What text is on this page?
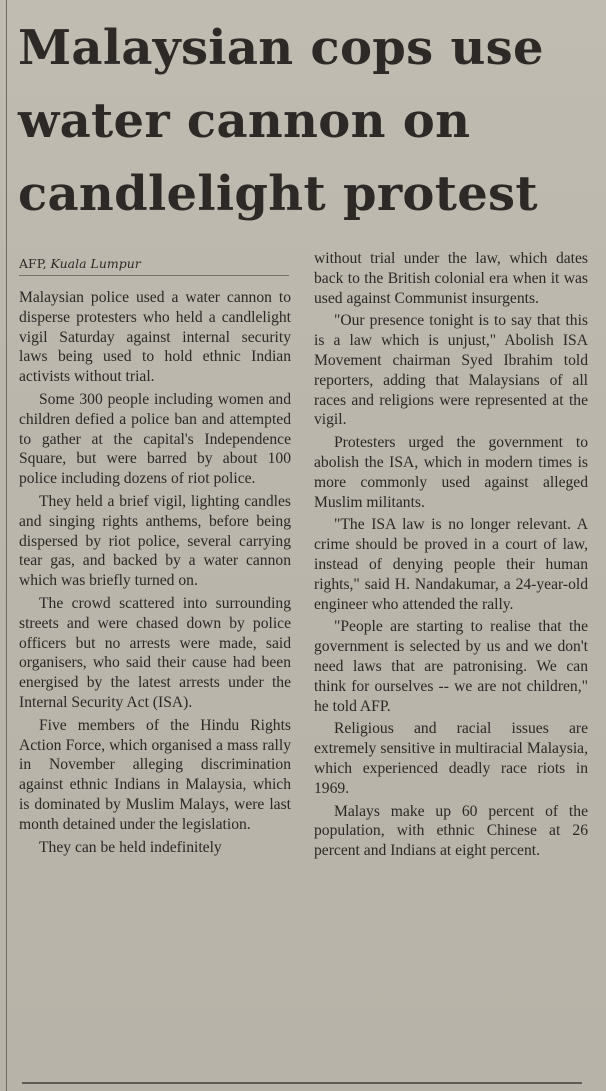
Malaysian cops use water cannon on candlelight protest
AFP, Kuala Lumpur

Malaysian police used a water cannon to disperse protesters who held a candlelight vigil Saturday against internal security laws being used to hold ethnic Indian activists without trial.

Some 300 people including women and children defied a police ban and attempted to gather at the capital's Independence Square, but were barred by about 100 police including dozens of riot police.

They held a brief vigil, lighting candles and singing rights anthems, before being dispersed by riot police, several carrying tear gas, and backed by a water cannon which was briefly turned on.

The crowd scattered into surrounding streets and were chased down by police officers but no arrests were made, said organisers, who said their cause had been energised by the latest arrests under the Internal Security Act (ISA).

Five members of the Hindu Rights Action Force, which organised a mass rally in November alleging discrimination against ethnic Indians in Malaysia, which is dominated by Muslim Malays, were last month detained under the legislation.

They can be held indefinitely

without trial under the law, which dates back to the British colonial era when it was used against Communist insurgents.

"Our presence tonight is to say that this is a law which is unjust," Abolish ISA Movement chairman Syed Ibrahim told reporters, adding that Malaysians of all races and religions were represented at the vigil.

Protesters urged the government to abolish the ISA, which in modern times is more commonly used against alleged Muslim militants.

"The ISA law is no longer relevant. A crime should be proved in a court of law, instead of denying people their human rights," said H. Nandakumar, a 24-year-old engineer who attended the rally.

"People are starting to realise that the government is selected by us and we don't need laws that are patronising. We can think for ourselves -- we are not children," he told AFP.

Religious and racial issues are extremely sensitive in multiracial Malaysia, which experienced deadly race riots in 1969.

Malays make up 60 percent of the population, with ethnic Chinese at 26 percent and Indians at eight percent.
